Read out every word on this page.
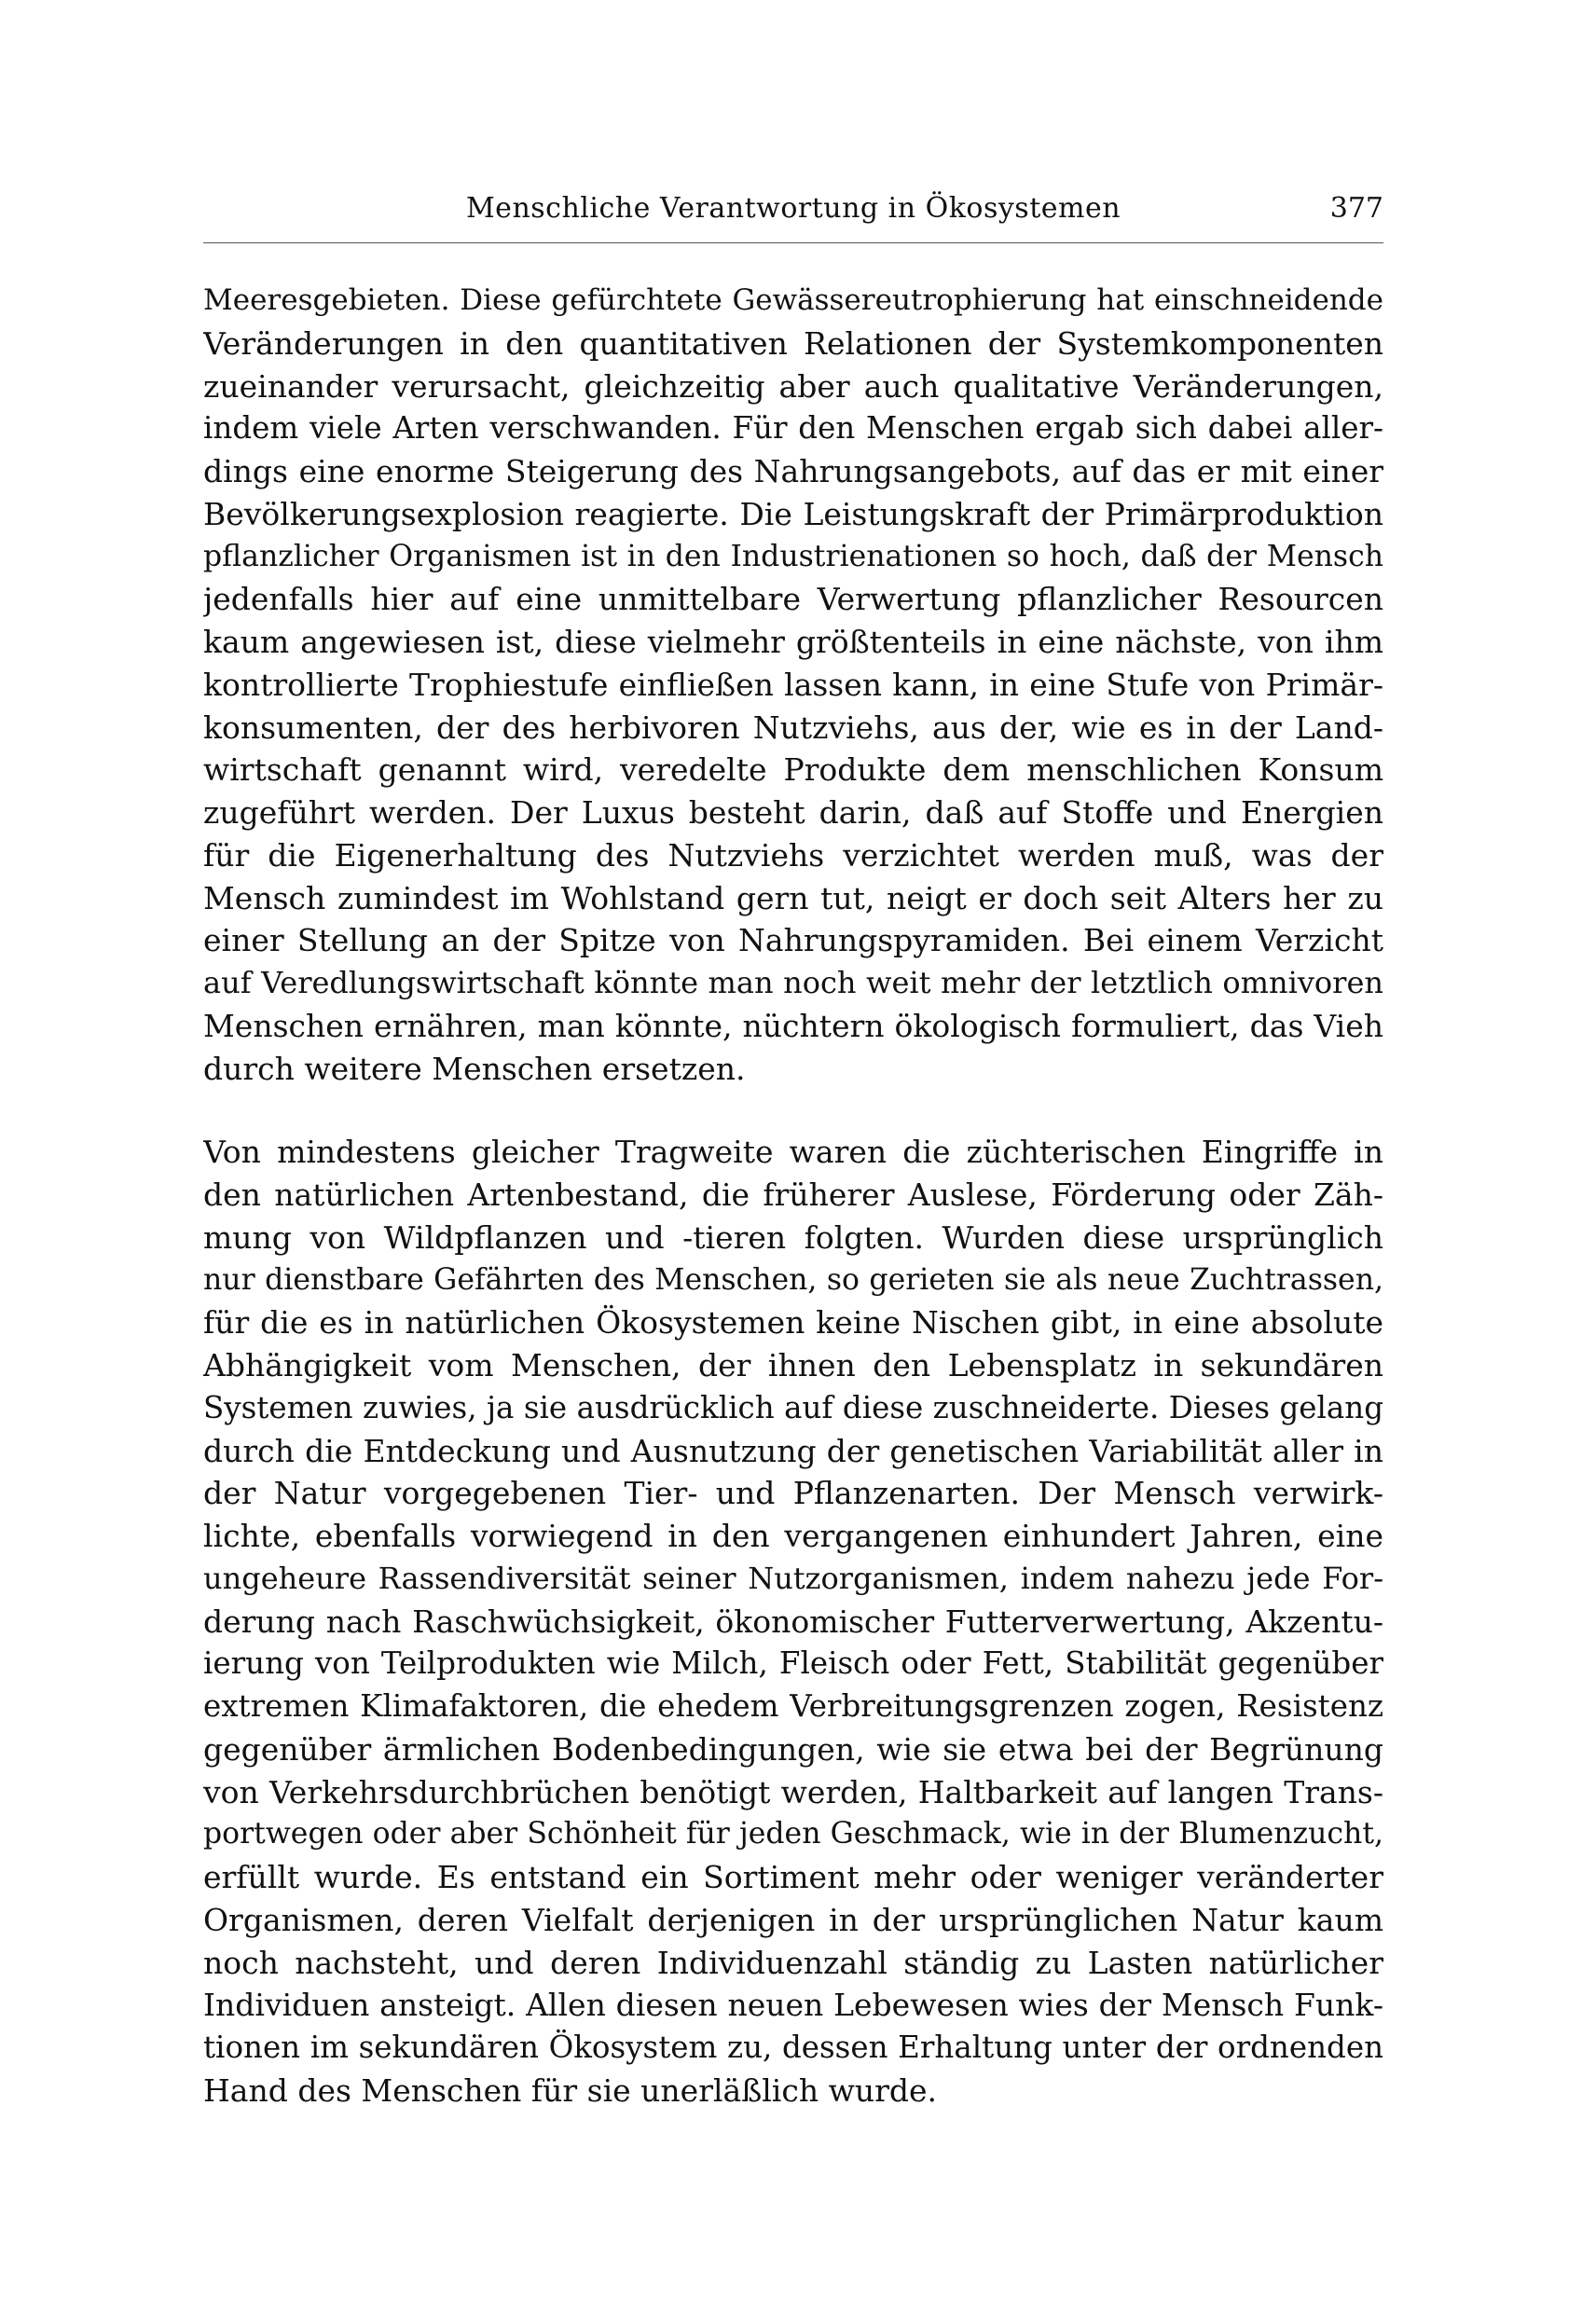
Menschliche Verantwortung in Ökosystemen	377
Meeresgebieten. Diese gefürchtete Gewässereutrophierung hat einschneidende
Veränderungen in den quantitativen Relationen der Systemkomponenten
zueinander verursacht, gleichzeitig aber auch qualitative Veränderungen,
indem viele Arten verschwanden. Für den Menschen ergab sich dabei aller-
dings eine enorme Steigerung des Nahrungsangebots, auf das er mit einer
Bevölkerungsexplosion reagierte. Die Leistungskraft der Primärproduktion
pflanzlicher Organismen ist in den Industrienationen so hoch, daß der Mensch
jedenfalls hier auf eine unmittelbare Verwertung pflanzlicher Resourcen
kaum angewiesen ist, diese vielmehr größtenteils in eine nächste, von ihm
kontrollierte Trophiestufe einfließen lassen kann, in eine Stufe von Primär-
konsumenten, der des herbivoren Nutzviehs, aus der, wie es in der Land-
wirtschaft genannt wird, veredelte Produkte dem menschlichen Konsum
zugeführt werden. Der Luxus besteht darin, daß auf Stoffe und Energien
für die Eigenerhaltung des Nutzviehs verzichtet werden muß, was der
Mensch zumindest im Wohlstand gern tut, neigt er doch seit Alters her zu
einer Stellung an der Spitze von Nahrungspyramiden. Bei einem Verzicht
auf Veredlungswirtschaft könnte man noch weit mehr der letztlich omnivoren
Menschen ernähren, man könnte, nüchtern ökologisch formuliert, das Vieh
durch weitere Menschen ersetzen.
Von mindestens gleicher Tragweite waren die züchterischen Eingriffe in
den natürlichen Artenbestand, die früherer Auslese, Förderung oder Zäh-
mung von Wildpflanzen und -tieren folgten. Wurden diese ursprünglich
nur dienstbare Gefährten des Menschen, so gerieten sie als neue Zuchtrassen,
für die es in natürlichen Ökosystemen keine Nischen gibt, in eine absolute
Abhängigkeit vom Menschen, der ihnen den Lebensplatz in sekundären
Systemen zuwies, ja sie ausdrücklich auf diese zuschneiderte. Dieses gelang
durch die Entdeckung und Ausnutzung der genetischen Variabilität aller in
der Natur vorgegebenen Tier- und Pflanzenarten. Der Mensch verwirk-
lichte, ebenfalls vorwiegend in den vergangenen einhundert Jahren, eine
ungeheure Rassendiversität seiner Nutzorganismen, indem nahezu jede For-
derung nach Raschwüchsigkeit, ökonomischer Futterverwertung, Akzentu-
ierung von Teilprodukten wie Milch, Fleisch oder Fett, Stabilität gegenüber
extremen Klimafaktoren, die ehedem Verbreitungsgrenzen zogen, Resistenz
gegenüber ärmlichen Bodenbedingungen, wie sie etwa bei der Begrünung
von Verkehrsdurchbrüchen benötigt werden, Haltbarkeit auf langen Trans-
portwegen oder aber Schönheit für jeden Geschmack, wie in der Blumenzucht,
erfüllt wurde. Es entstand ein Sortiment mehr oder weniger veränderter
Organismen, deren Vielfalt derjenigen in der ursprünglichen Natur kaum
noch nachsteht, und deren Individuenzahl ständig zu Lasten natürlicher
Individuen ansteigt. Allen diesen neuen Lebewesen wies der Mensch Funk-
tionen im sekundären Ökosystem zu, dessen Erhaltung unter der ordnenden
Hand des Menschen für sie unerläßlich wurde.
